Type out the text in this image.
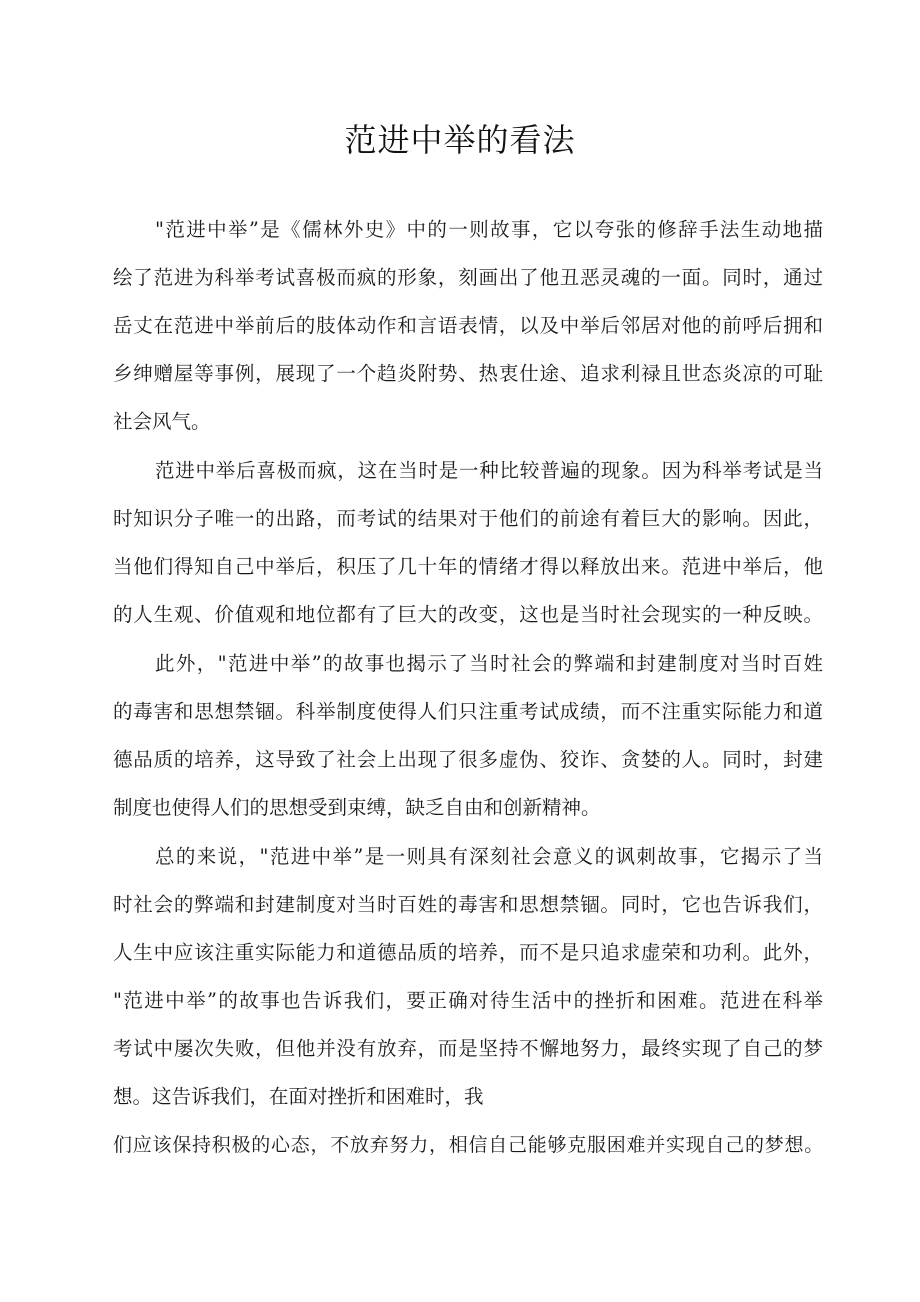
范进中举的看法
"范进中举”是《儒林外史》中的一则故事，它以夸张的修辞手法生动地描
绘了范进为科举考试喜极而疯的形象，刻画出了他丑恶灵魂的一面。同时，通过
岳丈在范进中举前后的肢体动作和言语表情，以及中举后邻居对他的前呼后拥和
乡绅赠屋等事例，展现了一个趋炎附势、热衷仕途、追求利禄且世态炎凉的可耻
社会风气。
范进中举后喜极而疯，这在当时是一种比较普遍的现象。因为科举考试是当
时知识分子唯一的出路，而考试的结果对于他们的前途有着巨大的影响。因此，
当他们得知自己中举后，积压了几十年的情绪才得以释放出来。范进中举后，他
的人生观、价值观和地位都有了巨大的改变，这也是当时社会现实的一种反映。
此外，"范进中举”的故事也揭示了当时社会的弊端和封建制度对当时百姓
的毒害和思想禁锢。科举制度使得人们只注重考试成绩，而不注重实际能力和道
德品质的培养，这导致了社会上出现了很多虚伪、狡诈、贪婪的人。同时，封建
制度也使得人们的思想受到束缚，缺乏自由和创新精神。
总的来说，"范进中举”是一则具有深刻社会意义的讽刺故事，它揭示了当
时社会的弊端和封建制度对当时百姓的毒害和思想禁锢。同时，它也告诉我们，
人生中应该注重实际能力和道德品质的培养，而不是只追求虚荣和功利。此外，
"范进中举”的故事也告诉我们，要正确对待生活中的挫折和困难。范进在科举
考试中屡次失败，但他并没有放弃，而是坚持不懈地努力，最终实现了自己的梦
想。这告诉我们，在面对挫折和困难时，我
们应该保持积极的心态，不放弃努力，相信自己能够克服困难并实现自己的梦想。
